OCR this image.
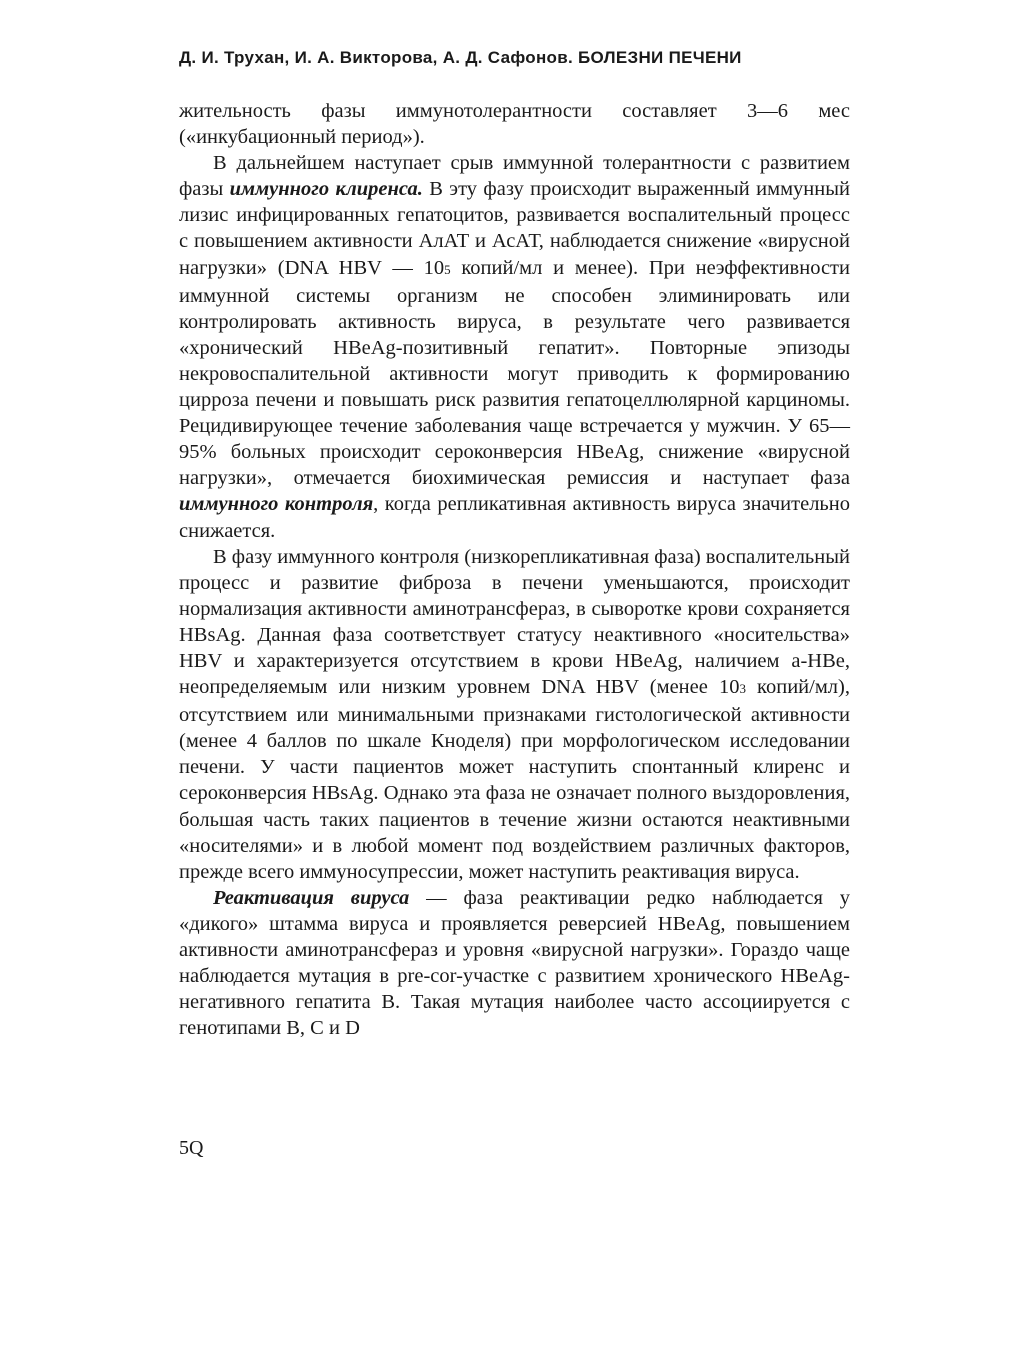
Д. И. Трухан, И. А. Викторова, А. Д. Сафонов. БОЛЕЗНИ ПЕЧЕНИ

жительность фазы иммунотолерантности составляет 3—6 мес («инкубационный период»).

В дальнейшем наступает срыв иммунной толерантности с развитием фазы иммунного клиренса. В эту фазу происходит выраженный иммунный лизис инфицированных гепатоцитов, развивается воспалительный процесс с повышением активности АлАТ и АсАТ, наблюдается снижение «вирусной нагрузки» (DNA HBV — 105 копий/мл и менее). При неэффективности иммунной системы организм не способен элиминировать или контролировать активность вируса, в результате чего развивается «хронический HBeAg-позитивный гепатит». Повторные эпизоды некровоспалительной активности могут приводить к формированию цирроза печени и повышать риск развития гепатоцеллюлярной карциномы. Рецидивирующее течение заболевания чаще встречается у мужчин. У 65—95% больных происходит сероконверсия HBeAg, снижение «вирусной нагрузки», отмечается биохимическая ремиссия и наступает фаза иммунного контроля, когда репликативная активность вируса значительно снижается.

В фазу иммунного контроля (низкорепликативная фаза) воспалительный процесс и развитие фиброза в печени уменьшаются, происходит нормализация активности аминотрансфераз, в сыворотке крови сохраняется HBsAg. Данная фаза соответствует статусу неактивного «носительства» HBV и характеризуется отсутствием в крови HBeAg, наличием а-НВе, неопределяемым или низким уровнем DNA HBV (менее 103 копий/мл), отсутствием или минимальными признаками гистологической активности (менее 4 баллов по шкале Кноделя) при морфологическом исследовании печени. У части пациентов может наступить спонтанный клиренс и сероконверсия HBsAg. Однако эта фаза не означает полного выздоровления, большая часть таких пациентов в течение жизни остаются неактивными «носителями» и в любой момент под воздействием различных факторов, прежде всего иммуносупрессии, может наступить реактивация вируса.

Реактивация вируса — фаза реактивации редко наблюдается у «дикого» штамма вируса и проявляется реверсией HBeAg, повышением активности аминотрансфераз и уровня «вирусной нагрузки». Гораздо чаще наблюдается мутация в pre-cor-участке с развитием хронического HBeAg-негативного гепатита В. Такая мутация наиболее часто ассоциируется с генотипами В, С и D

5Q
